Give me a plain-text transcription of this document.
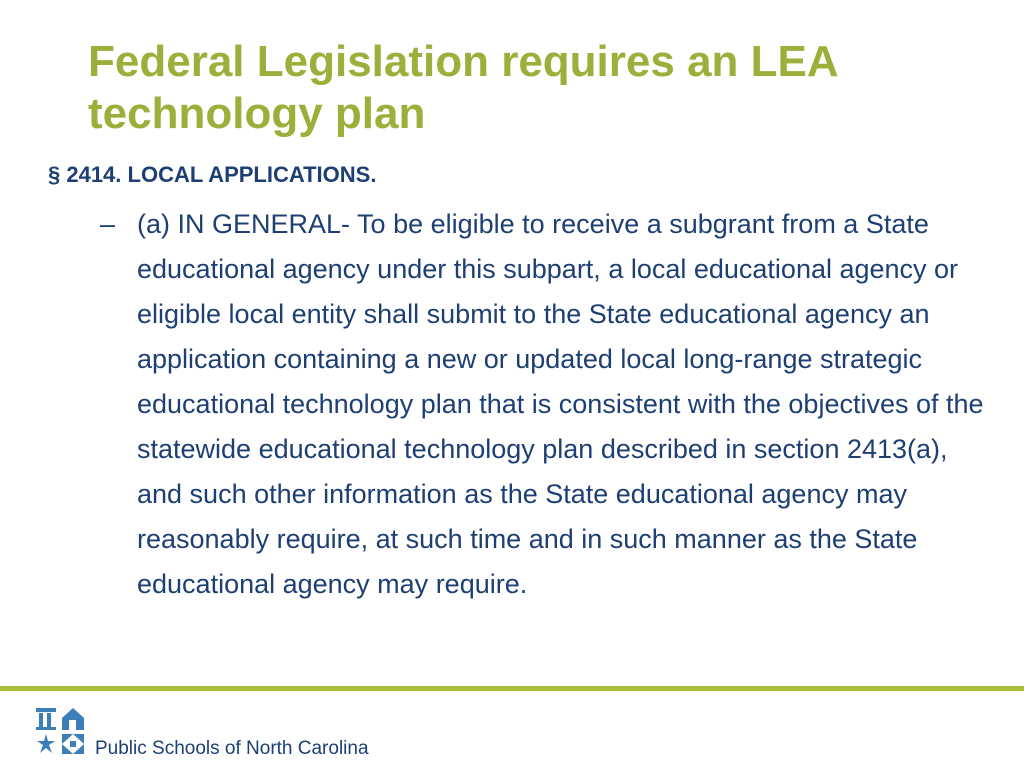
Federal Legislation requires an LEA technology plan
§ 2414. LOCAL APPLICATIONS.
– (a) IN GENERAL- To be eligible to receive a subgrant from a State educational agency under this subpart, a local educational agency or eligible local entity shall submit to the State educational agency an application containing a new or updated local long-range strategic educational technology plan that is consistent with the objectives of the statewide educational technology plan described in section 2413(a), and such other information as the State educational agency may reasonably require, at such time and in such manner as the State educational agency may require.
Public Schools of North Carolina
